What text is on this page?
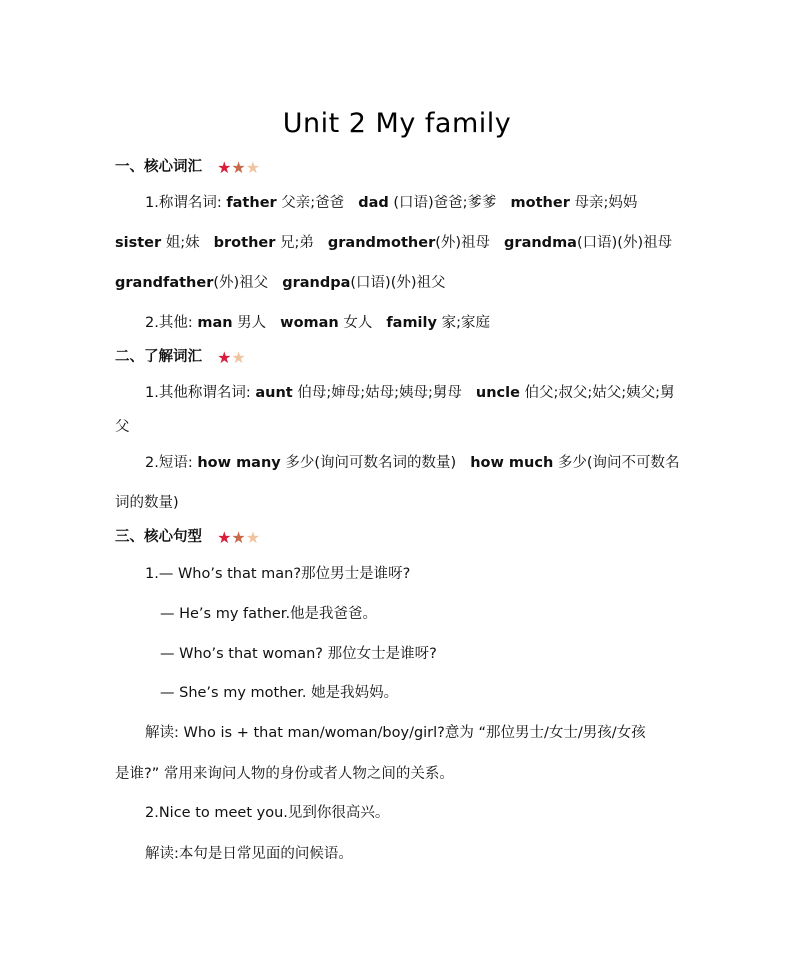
Unit 2 My family
一、核心词汇 ★★★
1.称谓名词: father 父亲;爸爸 dad (口语)爸爸;爹爹 mother 母亲;妈妈
sister 姐;妹 brother 兄;弟 grandmother(外)祖母 grandma(口语)(外)祖母
grandfather(外)祖父 grandpa(口语)(外)祖父
2.其他: man 男人 woman 女人 family 家;家庭
二、了解词汇 ★★
1.其他称谓名词: aunt 伯母;婶母;姑母;姨母;舅母 uncle 伯父;叔父;姑父;姨父;舅
父
2.短语: how many 多少(询问可数名词的数量) how much 多少(询问不可数名
词的数量)
三、核心句型 ★★★
1.— Who’s that man?那位男士是谁呀?
— He’s my father.他是我爸爸。
— Who’s that woman? 那位女士是谁呀?
— She’s my mother. 她是我妈妈。
解读: Who is + that man/woman/boy/girl?意为 “那位男士/女士/男孩/女孩
是谁?” 常用来询问人物的身份或者人物之间的关系。
2.Nice to meet you.见到你很高兴。
解读:本句是日常见面的问候语。
